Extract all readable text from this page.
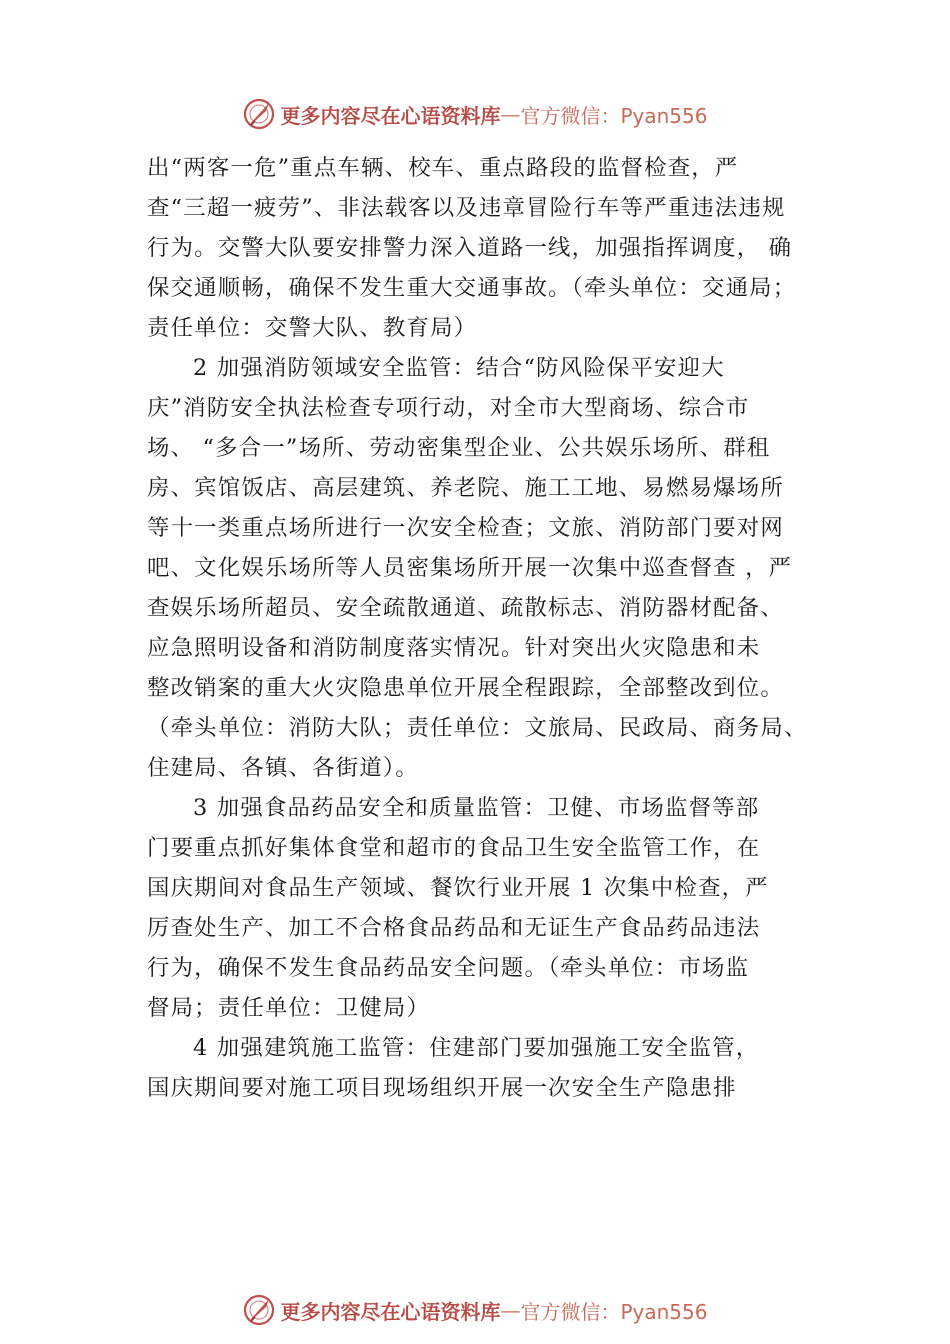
更多内容尽在心语资料库 — 官方微信：Pyan556
出“两客一危”重点车辆、校车、重点路段的监督检查，严
查“三超一疲劳”、非法载客以及违章冒险行车等严重违法违规
行为。交警大队要安排警力深入道路一线，加强指挥调度， 确
保交通顺畅，确保不发生重大交通事故。（牵头单位：交通局；
责任单位：交警大队、教育局）
2 加强消防领域安全监管：结合“防风险保平安迎大
庆”消防安全执法检查专项行动，对全市大型商场、综合市
场、 “多合一”场所、劳动密集型企业、公共娱乐场所、群租
房、宾馆饭店、高层建筑、养老院、施工工地、易燃易爆场所
等十一类重点场所进行一次安全检查；文旅、消防部门要对网
吧、文化娱乐场所等人员密集场所开展一次集中巡查督查 ，严
查娱乐场所超员、安全疏散通道、疏散标志、消防器材配备、
应急照明设备和消防制度落实情况。针对突出火灾隐患和未
整改销案的重大火灾隐患单位开展全程跟踪，全部整改到位。
（牵头单位：消防大队；责任单位：文旅局、民政局、商务局、
住建局、各镇、各街道）。
3 加强食品药品安全和质量监管：卫健、市场监督等部
门要重点抓好集体食堂和超市的食品卫生安全监管工作，在
国庆期间对食品生产领域、餐饮行业开展 1 次集中检查，严
厉查处生产、加工不合格食品药品和无证生产食品药品违法
行为，确保不发生食品药品安全问题。（牵头单位：市场监
督局；责任单位：卫健局）
4 加强建筑施工监管：住建部门要加强施工安全监管，
国庆期间要对施工项目现场组织开展一次安全生产隐患排
更多内容尽在心语资料库 — 官方微信：Pyan556
